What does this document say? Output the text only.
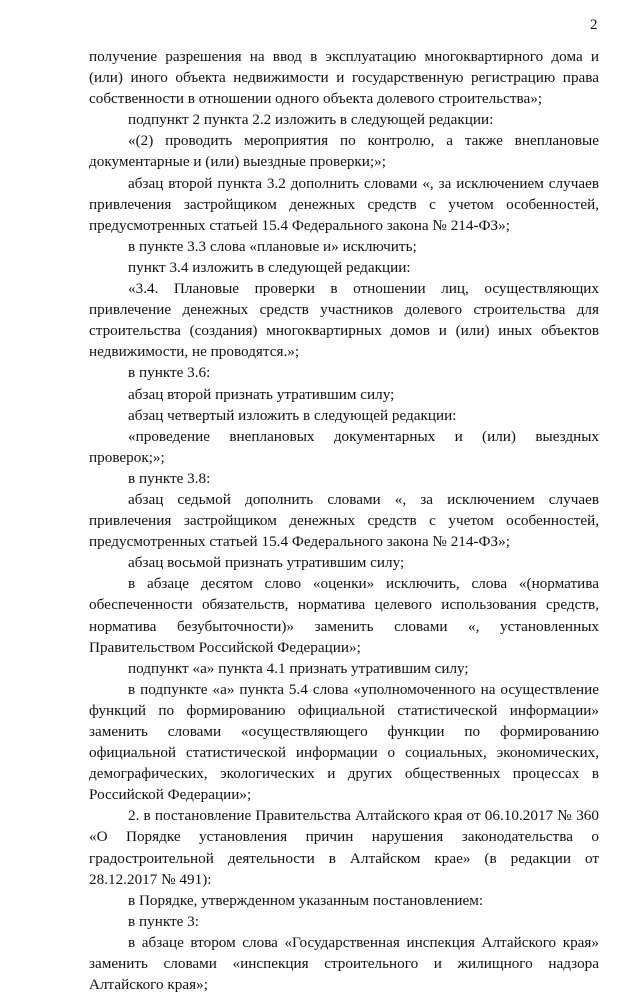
2

получение разрешения на ввод в эксплуатацию многоквартирного дома и (или) иного объекта недвижимости и государственную регистрацию права собственности в отношении одного объекта долевого строительства»;

подпункт 2 пункта 2.2 изложить в следующей редакции:

«(2) проводить мероприятия по контролю, а также внеплановые документарные и (или) выездные проверки;»;

абзац второй пункта 3.2 дополнить словами «, за исключением случаев привлечения застройщиком денежных средств с учетом особенностей, предусмотренных статьей 15.4 Федерального закона № 214-ФЗ»;

в пункте 3.3 слова «плановые и» исключить;

пункт 3.4 изложить в следующей редакции:

«3.4. Плановые проверки в отношении лиц, осуществляющих привлечение денежных средств участников долевого строительства для строительства (создания) многоквартирных домов и (или) иных объектов недвижимости, не проводятся.»;

в пункте 3.6:

абзац второй признать утратившим силу;

абзац четвертый изложить в следующей редакции:

«проведение внеплановых документарных и (или) выездных проверок;»;

в пункте 3.8:

абзац седьмой дополнить словами «, за исключением случаев привлечения застройщиком денежных средств с учетом особенностей, предусмотренных статьей 15.4 Федерального закона № 214-ФЗ»;

абзац восьмой признать утратившим силу;

в абзаце десятом слово «оценки» исключить, слова «(норматива обеспеченности обязательств, норматива целевого использования средств, норматива безубыточности)» заменить словами «, установленных Правительством Российской Федерации»;

подпункт «а» пункта 4.1 признать утратившим силу;

в подпункте «а» пункта 5.4 слова «уполномоченного на осуществление функций по формированию официальной статистической информации» заменить словами «осуществляющего функции по формированию официальной статистической информации о социальных, экономических, демографических, экологических и других общественных процессах в Российской Федерации»;

2. в постановление Правительства Алтайского края от 06.10.2017 № 360 «О Порядке установления причин нарушения законодательства о градостроительной деятельности в Алтайском крае» (в редакции от 28.12.2017 № 491):

в Порядке, утвержденном указанным постановлением:

в пункте 3:

в абзаце втором слова «Государственная инспекция Алтайского края» заменить словами «инспекция строительного и жилищного надзора Алтайского края»;
